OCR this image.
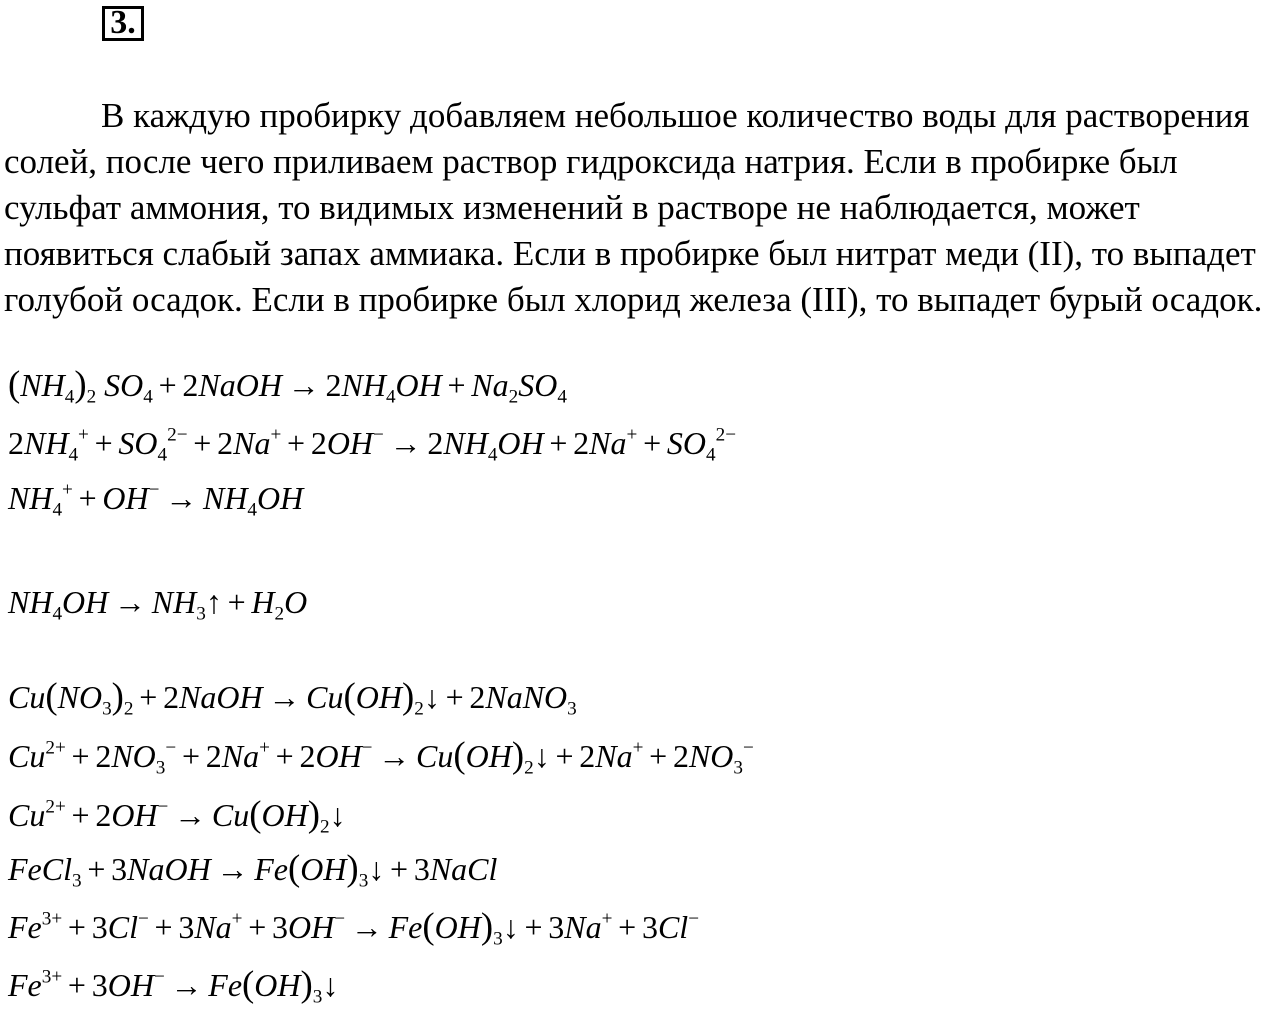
3.

В каждую пробирку добавляем небольшое количество воды для растворения солей, после чего приливаем раствор гидроксида натрия. Если в пробирке был сульфат аммония, то видимых изменений в растворе не наблюдается, может появиться слабый запах аммиака. Если в пробирке был нитрат меди (II), то выпадет голубой осадок. Если в пробирке был хлорид железа (III), то выпадет бурый осадок.

$(NH_4)_2$ $SO_4$ + 2NaOH → $2NH_4OH + Na_2SO_4$
$2NH_4^+ + SO_4^{2-} + 2Na^+ + 2OH^- \to 2NH_4OH + 2Na^+ + SO_4^{2-}$
$NH_4^+ + OH^- \to NH_4OH$
$NH_4OH$ → $NH_3↑ + H_2O$
$Cu(NO_3)_2$ + 2NaOH → $Cu(OH)_2↓$ + 2NaNO$_3$
$Cu^{2+} + 2NO_3^- + 2Na^+ + 2OH^-$ → $Cu(OH)_2↓ + 2Na^+ + 2NO_3^-$
$Cu^{2+} + 2OH^-$ → $Cu(OH)_2↓$
FeCl$_3$ + 3NaOH → $Fe(OH)_3↓$ + 3NaCl
$Fe^{3+} + 3Cl^- + 3Na^+ + 3OH^-$ → $Fe(OH)_3↓ + 3Na^+ + 3Cl^-$
$Fe^{3+} + 3OH^-$ → $Fe(OH)_3↓$
